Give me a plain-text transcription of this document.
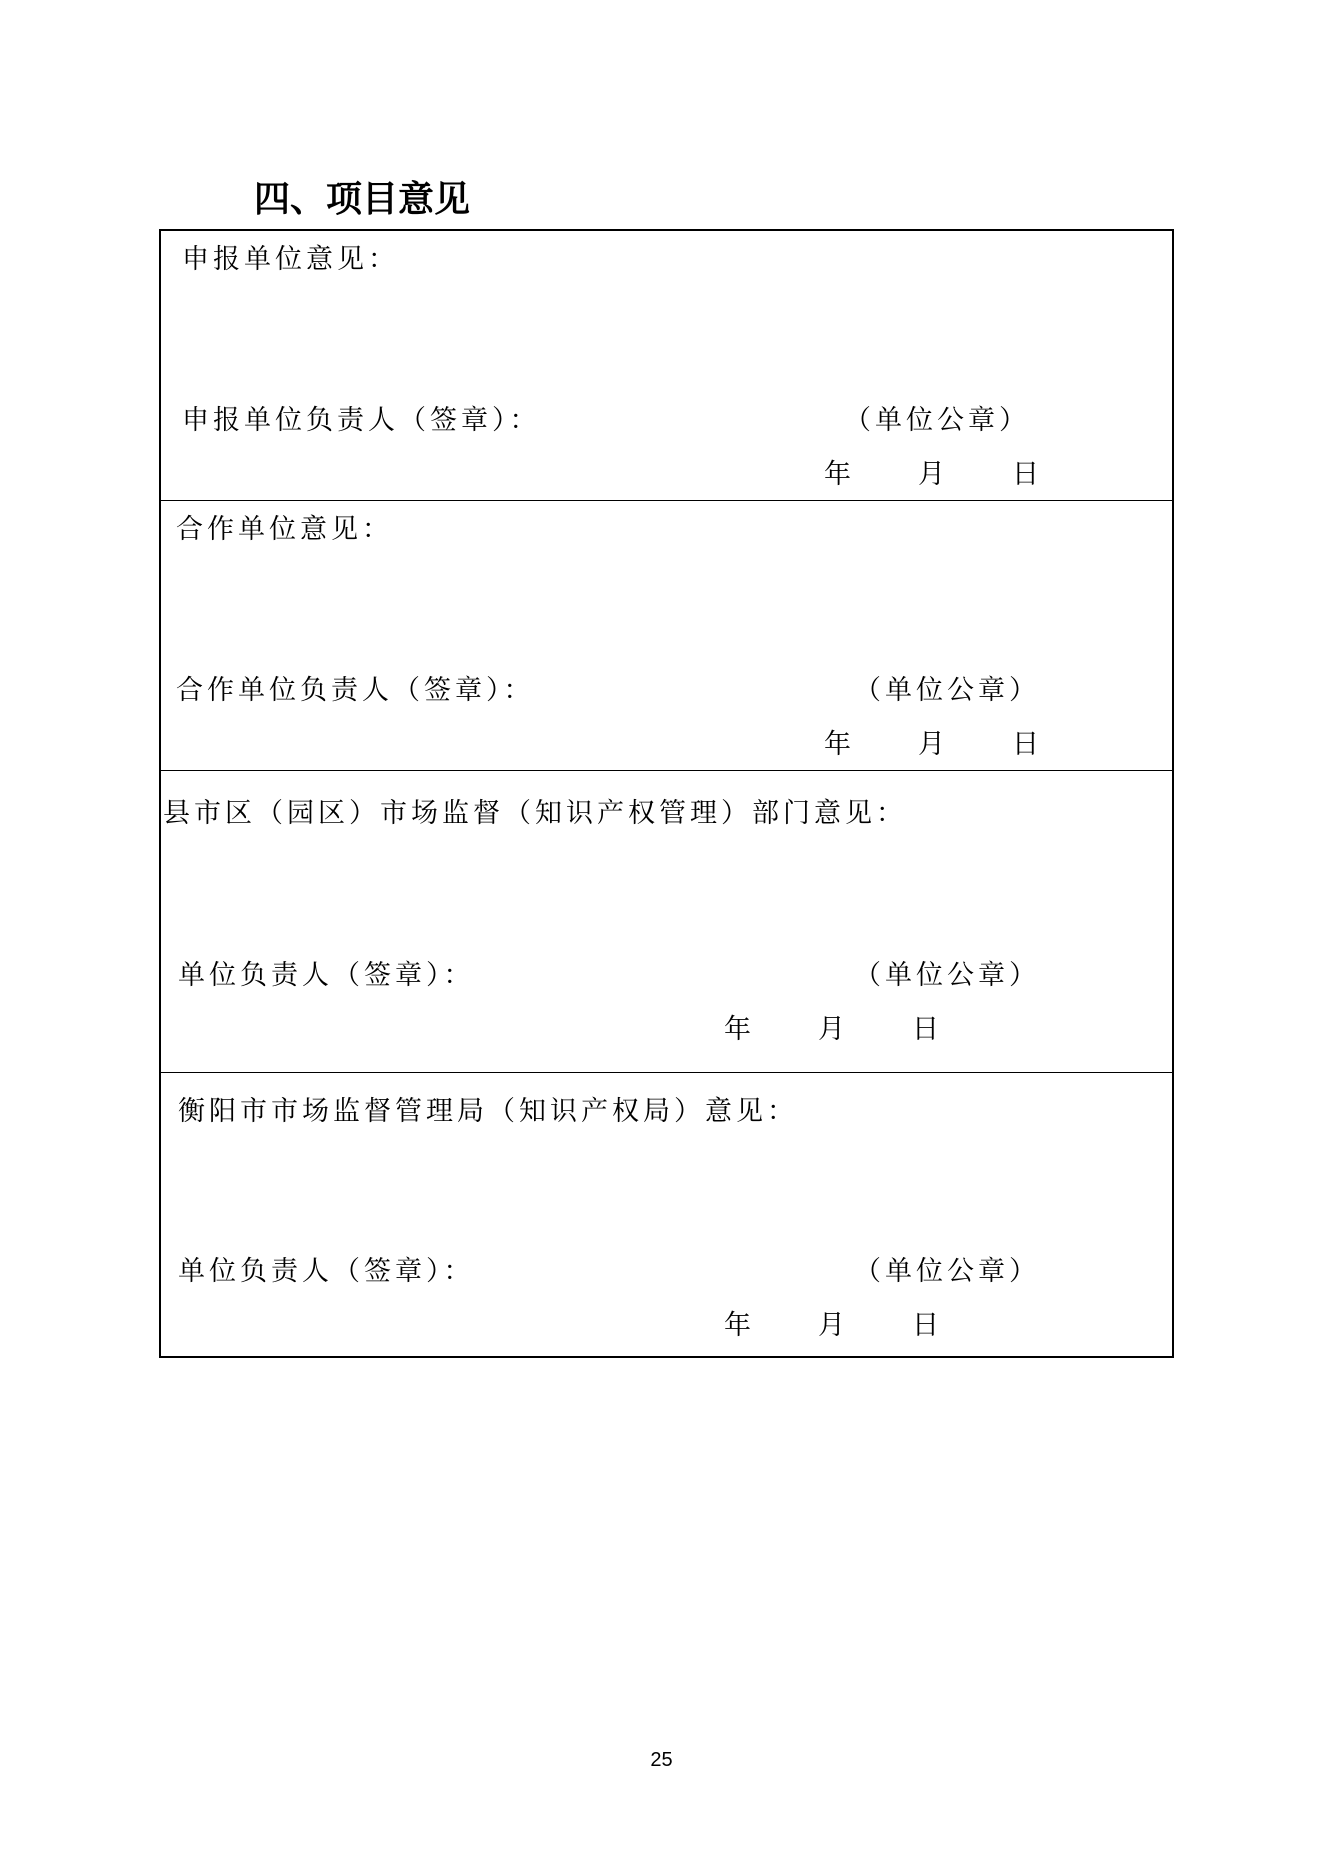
四、项目意见
申报单位意见：
申报单位负责人（签章）：	（单位公章）
年 月 日
合作单位意见：
合作单位负责人（签章）：	（单位公章）
年 月 日
县市区（园区）市场监督（知识产权管理）部门意见：
单位负责人（签章）：	（单位公章）
年 月 日
衡阳市市场监督管理局（知识产权局）意见：
单位负责人（签章）：	（单位公章）
年 月 日
25
